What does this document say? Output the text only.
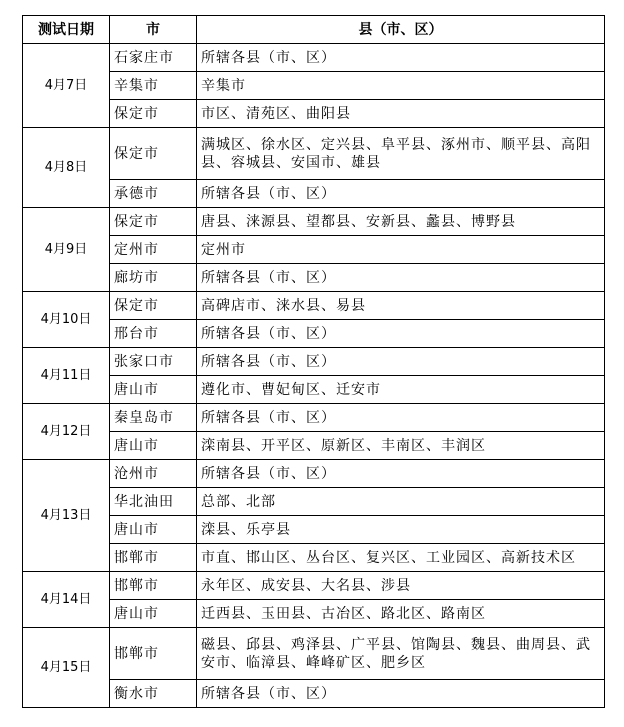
测试日期	市	县（市、区）
4月7日	石家庄市	所辖各县（市、区）
	辛集市	辛集市
	保定市	市区、清苑区、曲阳县
4月8日	保定市	满城区、徐水区、定兴县、阜平县、涿州市、顺平县、高阳县、容城县、安国市、雄县
	承德市	所辖各县（市、区）
4月9日	保定市	唐县、涞源县、望都县、安新县、蠡县、博野县
	定州市	定州市
	廊坊市	所辖各县（市、区）
4月10日	保定市	高碑店市、涞水县、易县
	邢台市	所辖各县（市、区）
4月11日	张家口市	所辖各县（市、区）
	唐山市	遵化市、曹妃甸区、迁安市
4月12日	秦皇岛市	所辖各县（市、区）
	唐山市	滦南县、开平区、原新区、丰南区、丰润区
4月13日	沧州市	所辖各县（市、区）
	华北油田	总部、北部
	唐山市	滦县、乐亭县
	邯郸市	市直、邯山区、丛台区、复兴区、工业园区、高新技术区
4月14日	邯郸市	永年区、成安县、大名县、涉县
	唐山市	迁西县、玉田县、古冶区、路北区、路南区
4月15日	邯郸市	磁县、邱县、鸡泽县、广平县、馆陶县、魏县、曲周县、武安市、临漳县、峰峰矿区、肥乡区
	衡水市	所辖各县（市、区）
